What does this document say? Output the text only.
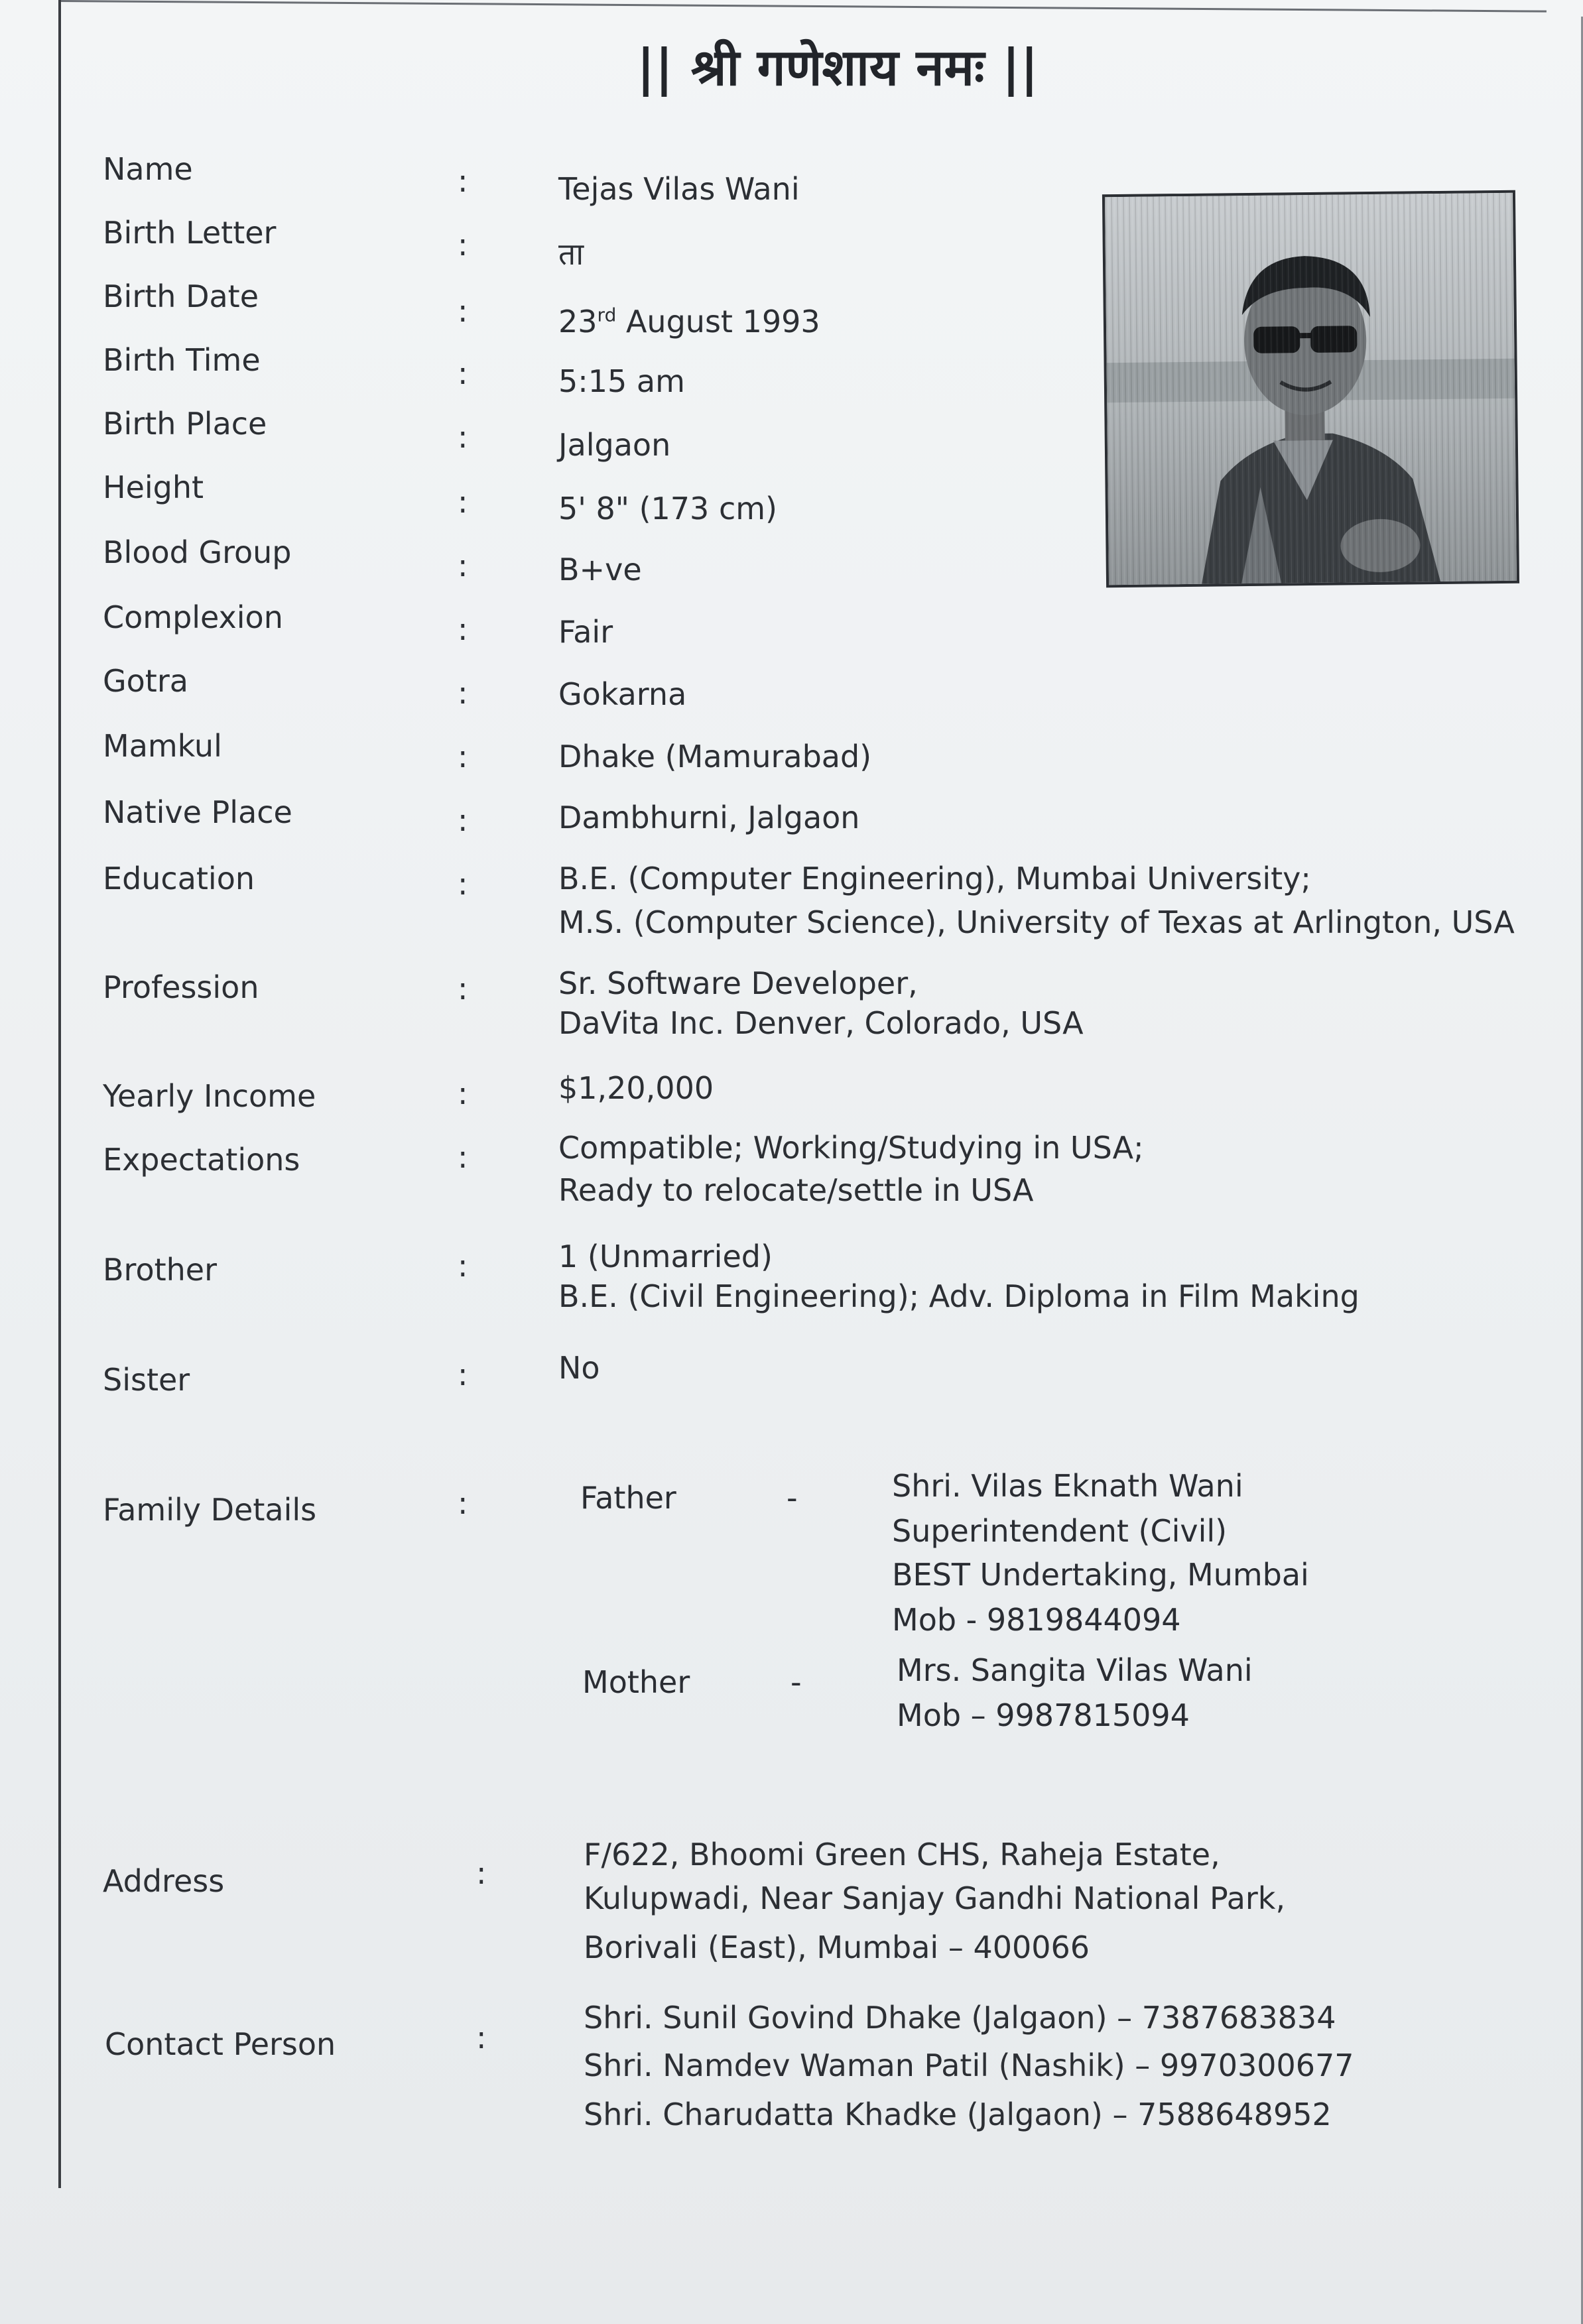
|| श्री गणेशाय नमः ||
Name	:	Tejas Vilas Wani
Birth Letter	:	ता
Birth Date	:	23rd August 1993
Birth Time	:	5:15 am
Birth Place	:	Jalgaon
Height	:	5' 8" (173 cm)
Blood Group	:	B+ve
Complexion	:	Fair
Gotra	:	Gokarna
Mamkul	:	Dhake (Mamurabad)
Native Place	:	Dambhurni, Jalgaon
Education	:	B.E. (Computer Engineering), Mumbai University;
M.S. (Computer Science), University of Texas at Arlington, USA
Profession	:	Sr. Software Developer,
DaVita Inc. Denver, Colorado, USA
Yearly Income	:	$1,20,000
Expectations	:	Compatible; Working/Studying in USA;
Ready to relocate/settle in USA
Brother	:	1 (Unmarried)
B.E. (Civil Engineering); Adv. Diploma in Film Making
Sister	:	No
Family Details	:	Father	-	Shri. Vilas Eknath Wani
Superintendent (Civil)
BEST Undertaking, Mumbai
Mob - 9819844094
Mother	-	Mrs. Sangita Vilas Wani
Mob – 9987815094
Address	:
F/622, Bhoomi Green CHS, Raheja Estate,
Kulupwadi, Near Sanjay Gandhi National Park,
Borivali (East), Mumbai – 400066
Contact Person	:
Shri. Sunil Govind Dhake (Jalgaon) – 7387683834
Shri. Namdev Waman Patil (Nashik) – 9970300677
Shri. Charudatta Khadke (Jalgaon) – 7588648952
